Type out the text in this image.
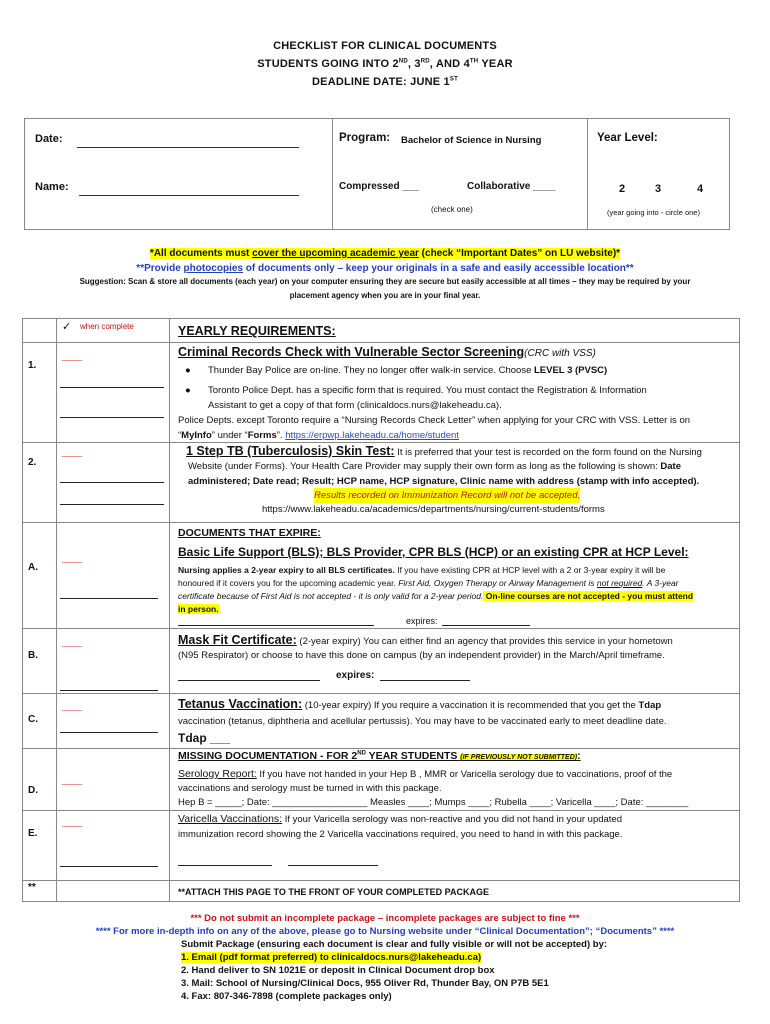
CHECKLIST FOR CLINICAL DOCUMENTS
STUDENTS GOING INTO 2ND, 3RD, AND 4TH YEAR
DEADLINE DATE: JUNE 1ST
Date:
Name:
Program: Bachelor of Science in Nursing
Compressed ___	Collaborative ____
(check one)
Year Level:
2	3	4
(year going into - circle one)
*All documents must cover the upcoming academic year (check “Important Dates” on LU website)*
**Provide photocopies of documents only – keep your originals in a safe and easily accessible location**
Suggestion: Scan & store all documents (each year) on your computer ensuring they are secure but easily accessible at all times – they may be required by your
placement agency when you are in your final year.
✓ when complete	YEARLY REQUIREMENTS:
1.
___	Criminal Records Check with Vulnerable Sector Screening(CRC with VSS)
● Thunder Bay Police are on-line. They no longer offer walk-in service. Choose LEVEL 3 (PVSC)
● Toronto Police Dept. has a specific form that is required. You must contact the Registration & Information
Assistant to get a copy of that form (clinicaldocs.nurs@lakeheadu.ca).
Police Depts. except Toronto require a “Nursing Records Check Letter” when applying for your CRC with VSS. Letter is on
“MyInfo” under “Forms”. https://erpwp.lakeheadu.ca/home/student
2.
___	1 Step TB (Tuberculosis) Skin Test: It is preferred that your test is recorded on the form found on the Nursing
Website (under Forms). Your Health Care Provider may supply their own form as long as the following is shown: Date
administered; Date read; Result; HCP name, HCP signature, Clinic name with address (stamp with info accepted).
Results recorded on Immunization Record will not be accepted.
https://www.lakeheadu.ca/academics/departments/nursing/current-students/forms
DOCUMENTS THAT EXPIRE:
A.
___	Basic Life Support (BLS); BLS Provider, CPR BLS (HCP) or an existing CPR at HCP Level:
Nursing applies a 2-year expiry to all BLS certificates. If you have existing CPR at HCP level with a 2 or 3-year expiry it will be
honoured if it covers you for the upcoming academic year. First Aid, Oxygen Therapy or Airway Management is not required. A 3-year
certificate because of First Aid is not accepted - it is only valid for a 2-year period. On-line courses are not accepted - you must attend
in person.
expires:
B.
___	Mask Fit Certificate: (2-year expiry) You can either find an agency that provides this service in your hometown
(N95 Respirator) or choose to have this done on campus (by an independent provider) in the March/April timeframe.
expires:
C.
___	Tetanus Vaccination: (10-year expiry) If you require a vaccination it is recommended that you get the Tdap
vaccination (tetanus, diphtheria and acellular pertussis). You may have to be vaccinated early to meet deadline date.
Tdap ___
MISSING DOCUMENTATION - FOR 2ND YEAR STUDENTS (IF PREVIOUSLY NOT SUBMITTED):
D.
___	Serology Report: If you have not handed in your Hep B , MMR or Varicella serology due to vaccinations, proof of the
vaccinations and serology must be turned in with this package.
Hep B = _____; Date: __________________ Measles ____; Mumps ____; Rubella ____; Varicella ____; Date: ________
E.
___	Varicella Vaccinations: If your Varicella serology was non-reactive and you did not hand in your updated
immunization record showing the 2 Varicella vaccinations required, you need to hand in with this package.
**	**ATTACH THIS PAGE TO THE FRONT OF YOUR COMPLETED PACKAGE
*** Do not submit an incomplete package – incomplete packages are subject to fine ***
**** For more in-depth info on any of the above, please go to Nursing website under “Clinical Documentation”; “Documents” ****
Submit Package (ensuring each document is clear and fully visible or will not be accepted) by:
1. Email (pdf format preferred) to clinicaldocs.nurs@lakeheadu.ca)
2. Hand deliver to SN 1021E or deposit in Clinical Document drop box
3. Mail: School of Nursing/Clinical Docs, 955 Oliver Rd, Thunder Bay, ON P7B 5E1
4. Fax: 807-346-7898 (complete packages only)
